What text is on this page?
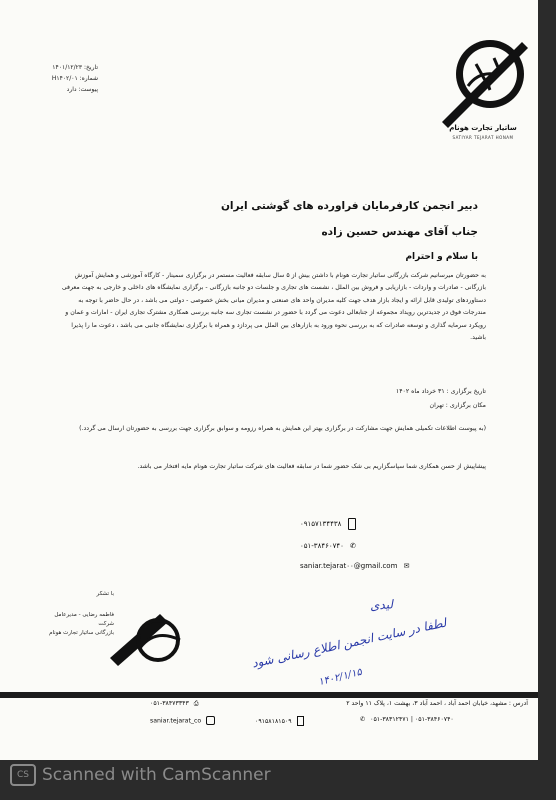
تاریخ: ۱۴۰۱/۱۲/۲۳
شماره: H۱۴۰۲/۰۱
پیوست: دارد
ساتیار تجارت هونام
SATIYAR TEJARAT HONAM
دبیر انجمن کارفرمایان فراورده های گوشتی ایران
جناب آقای مهندس حسین زاده
با سلام و احترام
به حضورتان میرسانیم شرکت بازرگانی ساتیار تجارت هونام با داشتن بیش از ۵ سال سابقه فعالیت مستمر در برگزاری سمینار - کارگاه آموزشی و همایش آموزش بازرگانی - صادرات و واردات - بازاریابی و فروش بین الملل ، نشست های تجاری و جلسات دو جانبه بازرگانی - برگزاری نمایشگاه های داخلی و خارجی به جهت معرفی دستاوردهای تولیدی قابل ارائه و ایجاد بازار هدف جهت کلیه مدیران واحد های صنعتی و مدیران میانی بخش خصوصی - دولتی می باشد ، در حال حاضر با توجه به مندرجات فوق در جدیدترین رویداد مجموعه از جنابعالی دعوت می گردد با حضور در نشست تجاری سه جانبه بررسی همکاری مشترک تجاری ایران - امارات و عمان و رویکرد سرمایه گذاری و توسعه صادرات که به بررسی نحوه ورود به بازارهای بین الملل می پردازد و همراه با برگزاری نمایشگاه جانبی می باشد ، دعوت ما را پذیرا باشید.
تاریخ برگزاری : ۳۱ خرداد ماه ۱۴۰۲
مکان برگزاری : تهران
(به پیوست اطلاعات تکمیلی همایش جهت مشارکت در برگزاری بهتر این همایش به همراه رزومه و سوابق برگزاری جهت بررسی به حضورتان ارسال می گردد.)
پیشاپیش از حسن همکاری شما سپاسگزاریم بی شک حضور شما در سابقه فعالیت های شرکت ساتیار تجارت هونام مایه افتخار می باشد.
۰۹۱۵۷۱۳۴۴۳۸
۰۵۱-۳۸۴۶۰۷۴۰ ✆
saniar.tejarat۰۰@gmail.com ✉
با تشکر
فاطمه رضایی - مدیرعامل شرکت
بازرگانی ساتیار تجارت هونام
لیدی
لطفا در سایت انجمن اطلاع رسانی شود
۱۴۰۲/۱/۱۵
۰۵۱-۳۸۴۷۳۳۴۳ ⎙	آدرس : مشهد، خیابان احمد آباد ، احمد آباد ۳، بهشت ۱، پلاک ۱۱ واحد ۲
saniar.tejarat_co	۰۹۱۵۸۱۸۱۵۰۹	✆ ۰۵۱-۳۸۳۱۲۴۷۱ | ۰۵۱-۳۸۴۶۰۷۴۰
CS Scanned with CamScanner
